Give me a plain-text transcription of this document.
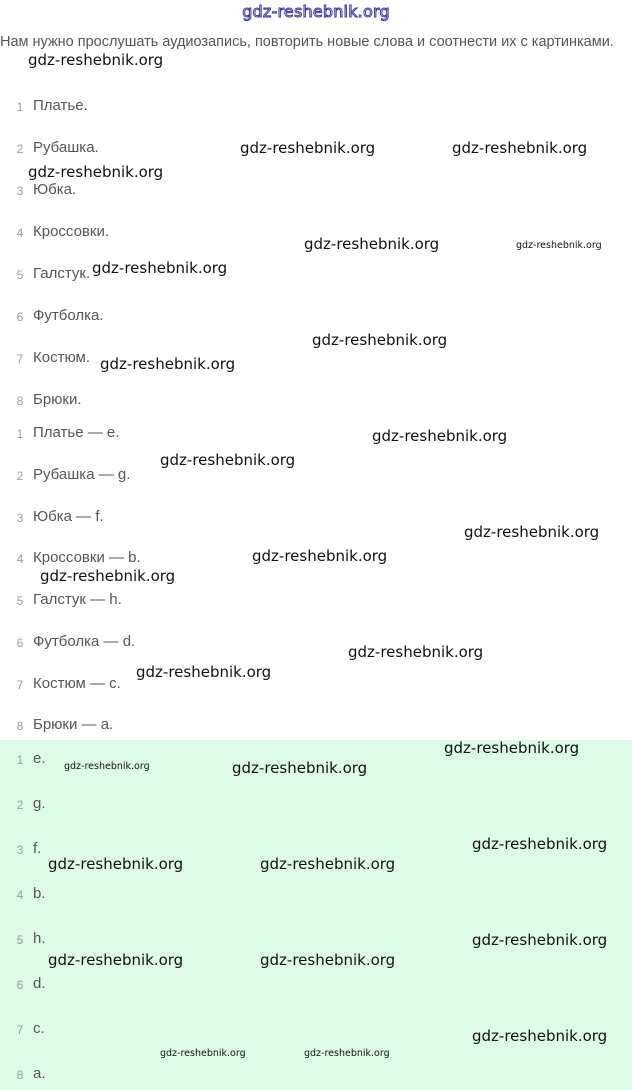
gdz-reshebnik.org
Нам нужно прослушать аудиозапись, повторить новые слова и соотнести их с картинками.
1 Платье.
2 Рубашка.
3 Юбка.
4 Кроссовки.
5 Галстук.
6 Футболка.
7 Костюм.
8 Брюки.
1 Платье — e.
2 Рубашка — g.
3 Юбка — f.
4 Кроссовки — b.
5 Галстук — h.
6 Футболка — d.
7 Костюм — c.
8 Брюки — a.
1 e.
2 g.
3 f.
4 b.
5 h.
6 d.
7 c.
8 a.
gdz-reshebnik.org
gdz-reshebnik.org	gdz-reshebnik.org
gdz-reshebnik.org
gdz-reshebnik.org	gdz-reshebnik.org
gdz-reshebnik.org
gdz-reshebnik.org
gdz-reshebnik.org
gdz-reshebnik.org
gdz-reshebnik.org
gdz-reshebnik.org
gdz-reshebnik.org
gdz-reshebnik.org
gdz-reshebnik.org
gdz-reshebnik.org
gdz-reshebnik.org
gdz-reshebnik.org	gdz-reshebnik.org
gdz-reshebnik.org
gdz-reshebnik.org	gdz-reshebnik.org
gdz-reshebnik.org
gdz-reshebnik.org	gdz-reshebnik.org
gdz-reshebnik.org
gdz-reshebnik.org	gdz-reshebnik.org
